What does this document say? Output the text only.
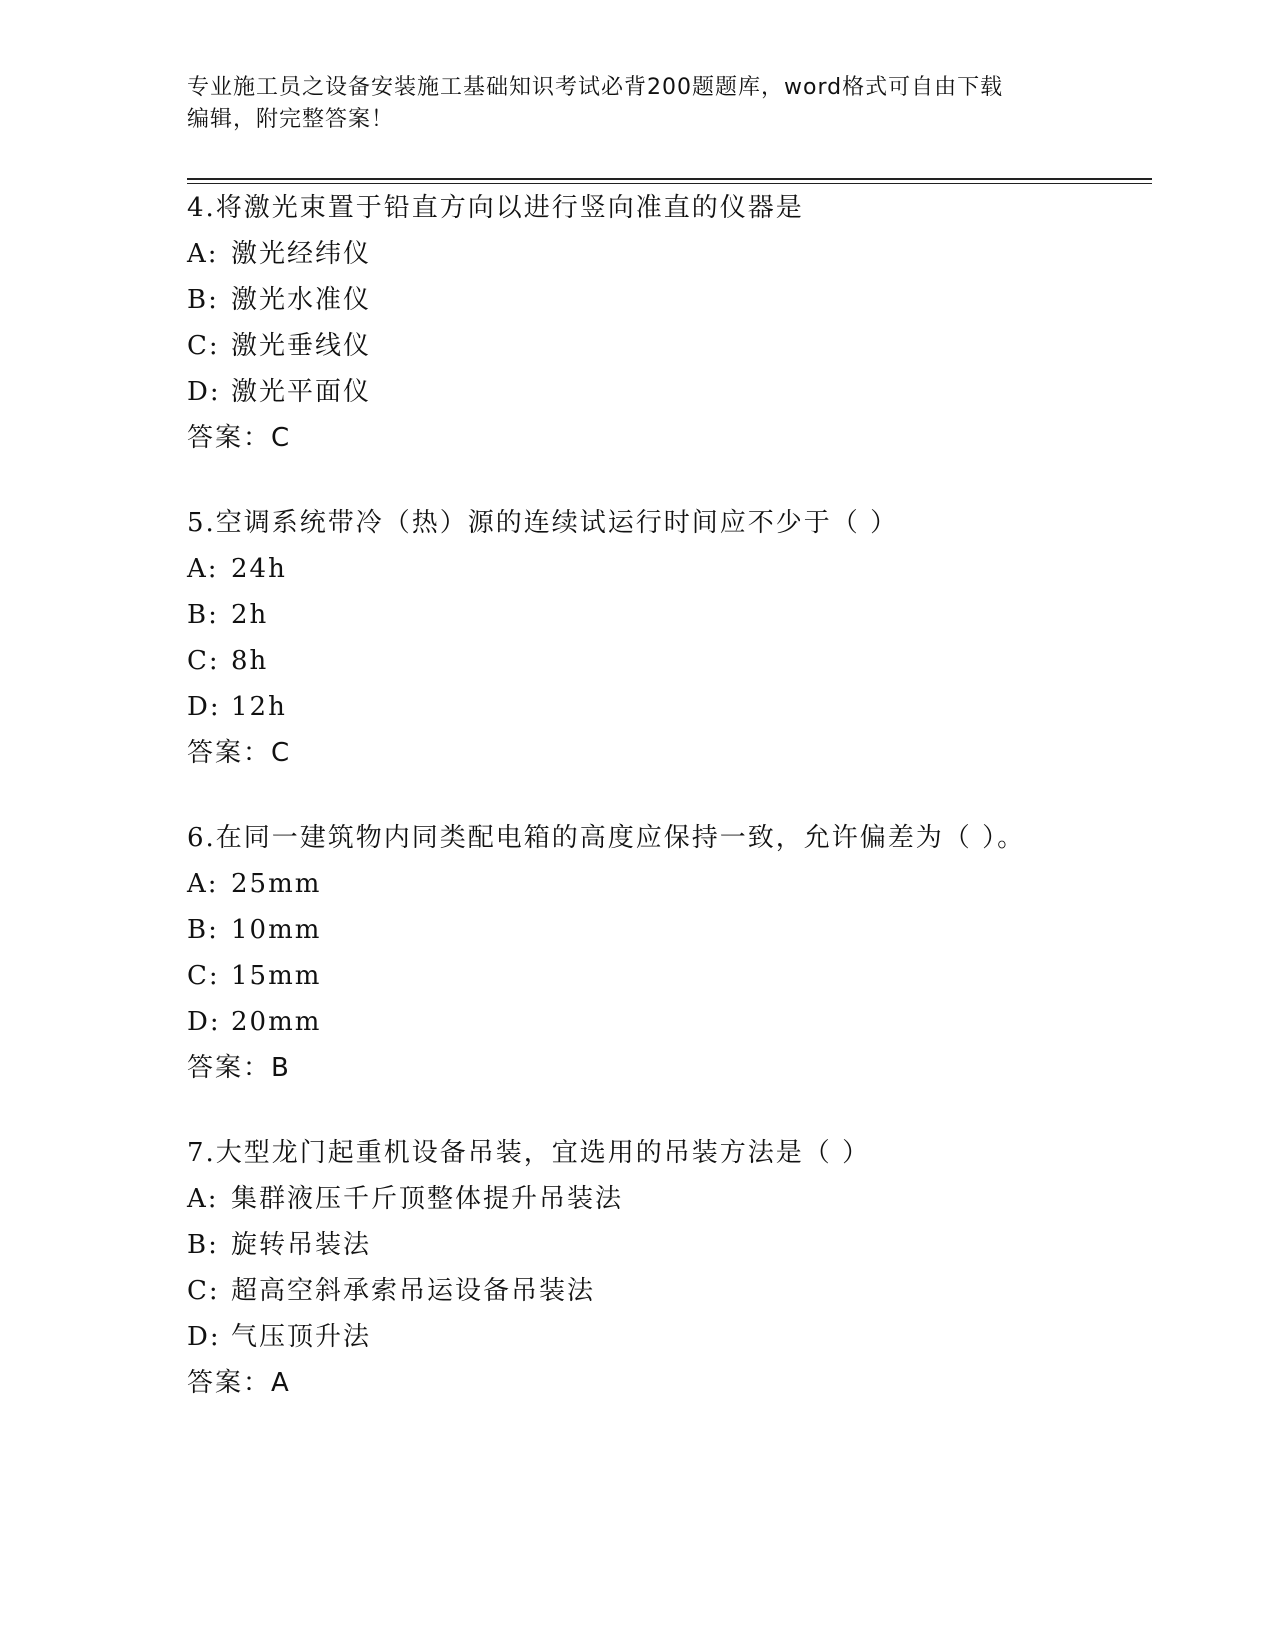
专业施工员之设备安装施工基础知识考试必背200题题库，word格式可自由下载

编辑，附完整答案！

4.将激光束置于铅直方向以进行竖向准直的仪器是
A: 激光经纬仪
B: 激光水准仪
C: 激光垂线仪
D: 激光平面仪
答案：C
5.空调系统带冷（热）源的连续试运行时间应不少于（ ）
A: 24h
B: 2h
C: 8h
D: 12h
答案：C
6.在同一建筑物内同类配电箱的高度应保持一致，允许偏差为（ ）。
A: 25mm
B: 10mm
C: 15mm
D: 20mm
答案：B
7.大型龙门起重机设备吊装，宜选用的吊装方法是（ ）
A: 集群液压千斤顶整体提升吊装法
B: 旋转吊装法
C: 超高空斜承索吊运设备吊装法
D: 气压顶升法
答案：A
